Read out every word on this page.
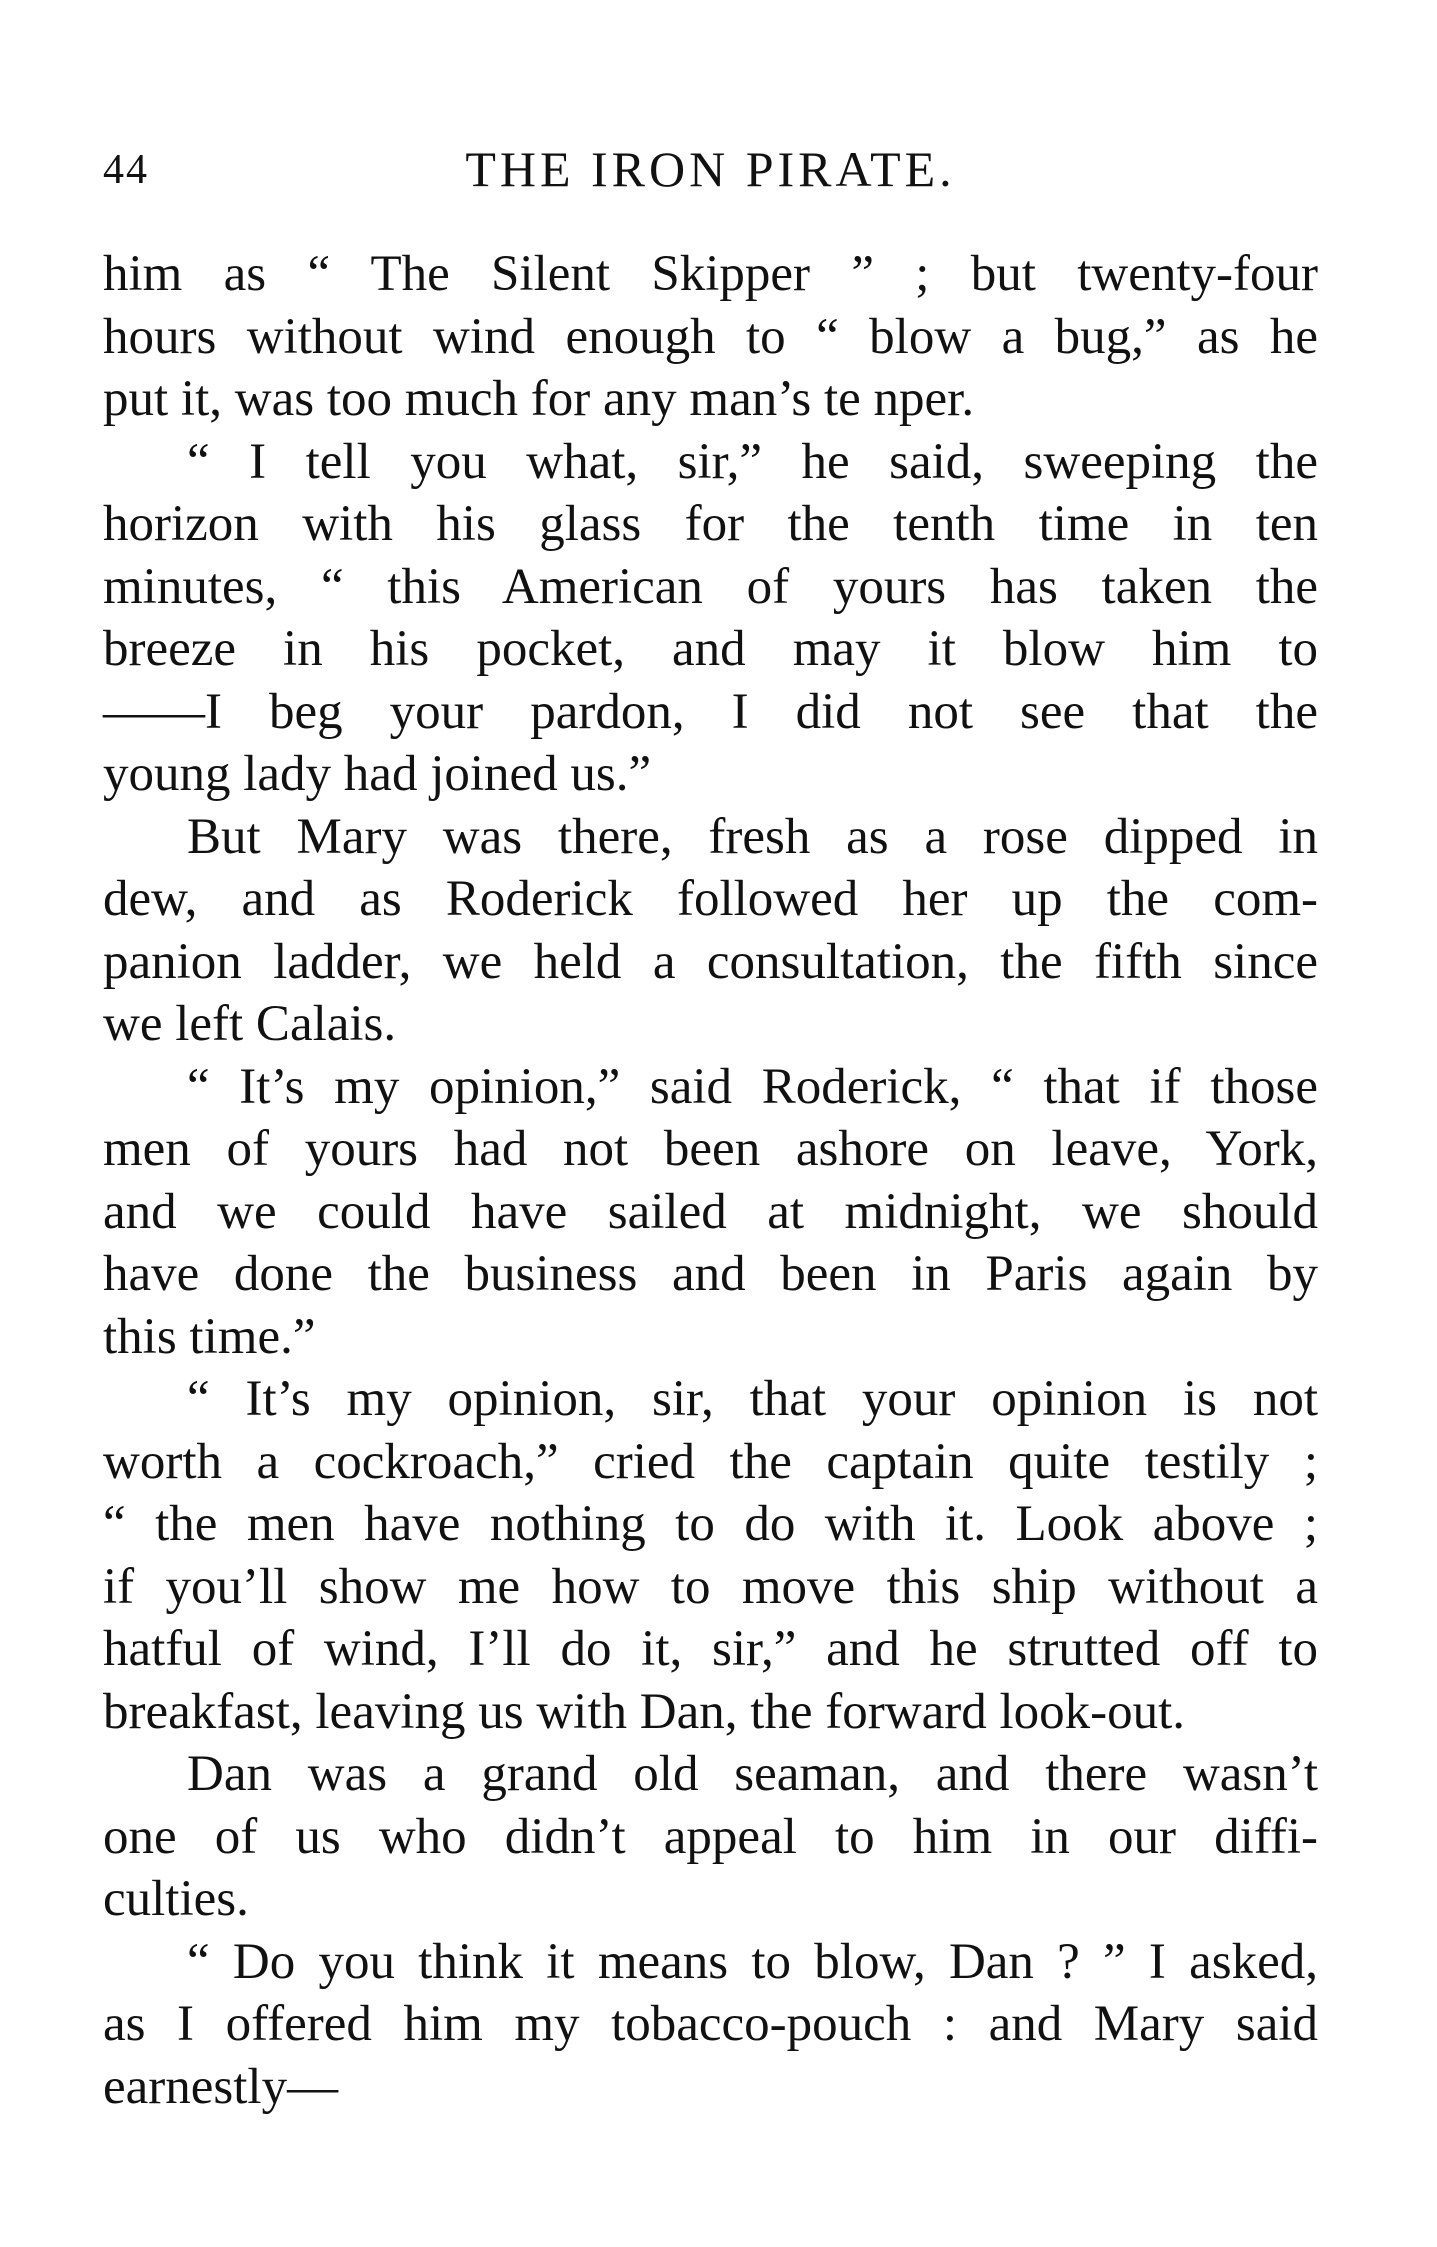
44	THE IRON PIRATE.
him as “ The Silent Skipper ” ; but twenty-four
hours without wind enough to “ blow a bug,” as he
put it, was too much for any man’s te nper.
“ I tell you what, sir,” he said, sweeping the
horizon with his glass for the tenth time in ten
minutes, “ this American of yours has taken the
breeze in his pocket, and may it blow him to
——I beg your pardon, I did not see that the
young lady had joined us.”
But Mary was there, fresh as a rose dipped in
dew, and as Roderick followed her up the com-
panion ladder, we held a consultation, the fifth since
we left Calais.
“ It’s my opinion,” said Roderick, “ that if those
men of yours had not been ashore on leave, York,
and we could have sailed at midnight, we should
have done the business and been in Paris again by
this time.”
“ It’s my opinion, sir, that your opinion is not
worth a cockroach,” cried the captain quite testily ;
“ the men have nothing to do with it. Look above ;
if you’ll show me how to move this ship without a
hatful of wind, I’ll do it, sir,” and he strutted off to
breakfast, leaving us with Dan, the forward look-out.
Dan was a grand old seaman, and there wasn’t
one of us who didn’t appeal to him in our diffi-
culties.
“ Do you think it means to blow, Dan ? ” I asked,
as I offered him my tobacco-pouch : and Mary said
earnestly—
